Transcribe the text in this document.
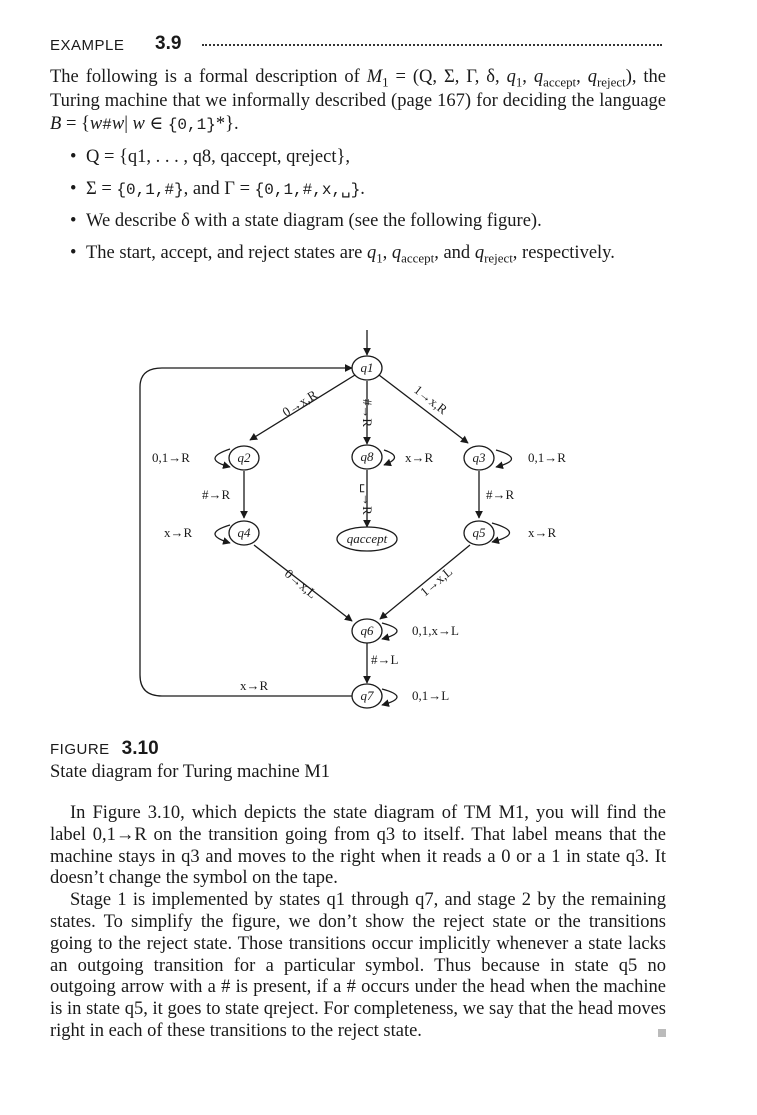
EXAMPLE 3.9
The following is a formal description of $M_1 = (Q$, Σ, Γ, δ, $q_1$, $q_{accept}$, $q_{reject}$), the Turing machine that we informally described (page 167) for deciding the language B = {w#w| w ∈ {0,1}*}.
• Q = {q1, . . . , q8, qaccept, qreject},
• Σ = {0,1,#}, and Γ = {0,1,#,x,␣}.
• We describe δ with a state diagram (see the following figure).
• The start, accept, and reject states are $q_1$, $q_{accept}$, and $q_{reject}$, respectively.
q1
q2	q8	q3
q4	qaccept	q5
q6
q7
0→x,R	1→x,R
#→R
␣→R
x→R
0,1→R
#→R
x→R
0→x,L
0,1→R
#→R
x→R
1→x,L
0,1,x→L
#→L
0,1→L
x→R
FIGURE 3.10
State diagram for Turing machine M1

In Figure 3.10, which depicts the state diagram of TM M1, you will find the label 0,1→R on the transition going from q3 to itself. That label means that the machine stays in q3 and moves to the right when it reads a 0 or a 1 in state q3. It doesn’t change the symbol on the tape.

Stage 1 is implemented by states q1 through q7, and stage 2 by the remaining states. To simplify the figure, we don’t show the reject state or the transitions going to the reject state. Those transitions occur implicitly whenever a state lacks an outgoing transition for a particular symbol. Thus because in state q5 no outgoing arrow with a # is present, if a # occurs under the head when the machine is in state q5, it goes to state qreject. For completeness, we say that the head moves right in each of these transitions to the reject state.
